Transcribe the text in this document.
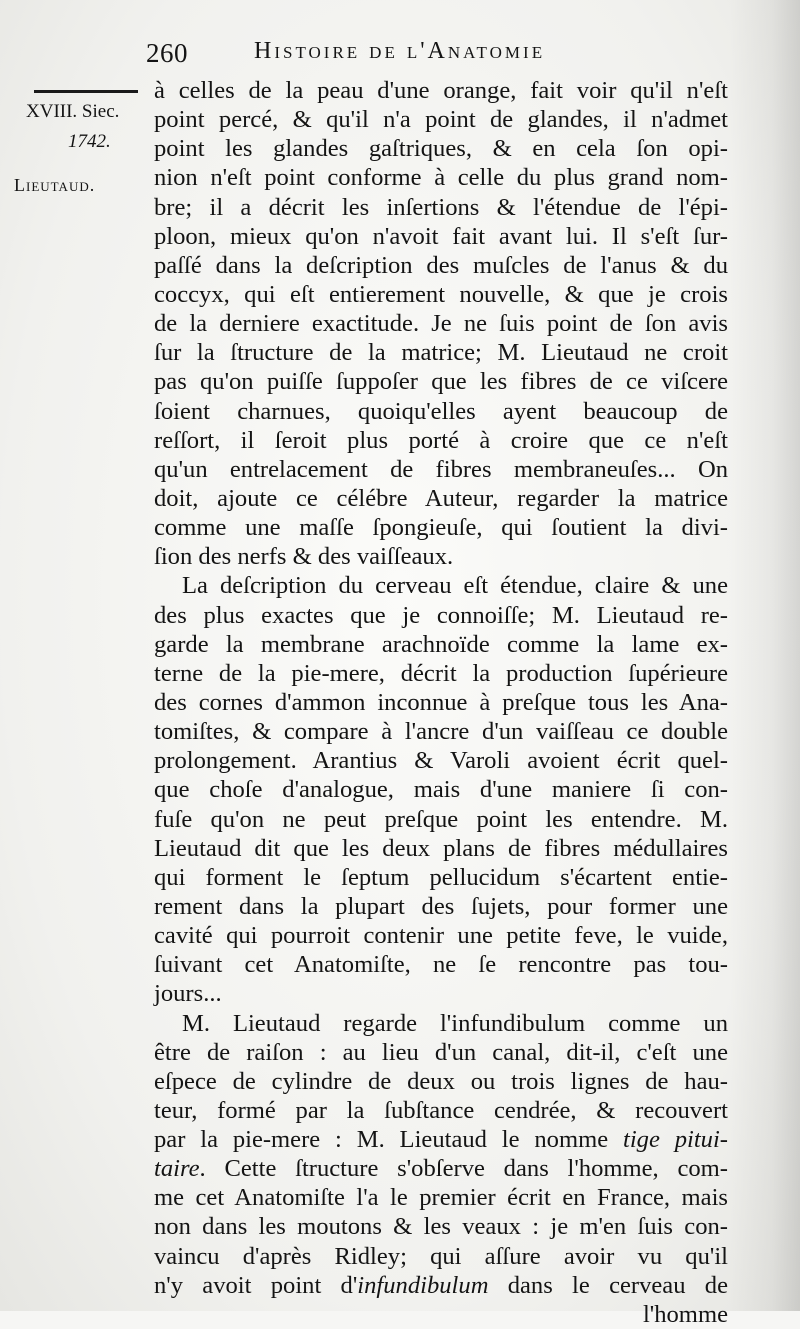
260	Histoire de l'Anatomie
XVIII. Siec.
1742.
Lieutaud.
à celles de la peau d'une orange, fait voir qu'il n'eſt
point percé, & qu'il n'a point de glandes, il n'admet
point les glandes gaſtriques, & en cela ſon opi-
nion n'eſt point conforme à celle du plus grand nom-
bre; il a décrit les inſertions & l'étendue de l'épi-
ploon, mieux qu'on n'avoit fait avant lui. Il s'eſt ſur-
paſſé dans la deſcription des muſcles de l'anus & du
coccyx, qui eſt entierement nouvelle, & que je crois
de la derniere exactitude. Je ne ſuis point de ſon avis
ſur la ſtructure de la matrice; M. Lieutaud ne croit
pas qu'on puiſſe ſuppoſer que les fibres de ce viſcere
ſoient charnues, quoiqu'elles ayent beaucoup de
reſſort, il ſeroit plus porté à croire que ce n'eſt
qu'un entrelacement de fibres membraneuſes... On
doit, ajoute ce célébre Auteur, regarder la matrice
comme une maſſe ſpongieuſe, qui ſoutient la divi-
ſion des nerfs & des vaiſſeaux.
La deſcription du cerveau eſt étendue, claire & une
des plus exactes que je connoiſſe; M. Lieutaud re-
garde la membrane arachnoïde comme la lame ex-
terne de la pie-mere, décrit la production ſupérieure
des cornes d'ammon inconnue à preſque tous les Ana-
tomiſtes, & compare à l'ancre d'un vaiſſeau ce double
prolongement. Arantius & Varoli avoient écrit quel-
que choſe d'analogue, mais d'une maniere ſi con-
fuſe qu'on ne peut preſque point les entendre. M.
Lieutaud dit que les deux plans de fibres médullaires
qui forment le ſeptum pellucidum s'écartent entie-
rement dans la plupart des ſujets, pour former une
cavité qui pourroit contenir une petite feve, le vuide,
ſuivant cet Anatomiſte, ne ſe rencontre pas tou-
jours...
M. Lieutaud regarde l'infundibulum comme un
être de raiſon : au lieu d'un canal, dit-il, c'eſt une
eſpece de cylindre de deux ou trois lignes de hau-
teur, formé par la ſubſtance cendrée, & recouvert
par la pie-mere : M. Lieutaud le nomme tige pitui-
taire. Cette ſtructure s'obſerve dans l'homme, com-
me cet Anatomiſte l'a le premier écrit en France, mais
non dans les moutons & les veaux : je m'en ſuis con-
vaincu d'après Ridley; qui aſſure avoir vu qu'il
n'y avoit point d'infundibulum dans le cerveau de
l'homme
